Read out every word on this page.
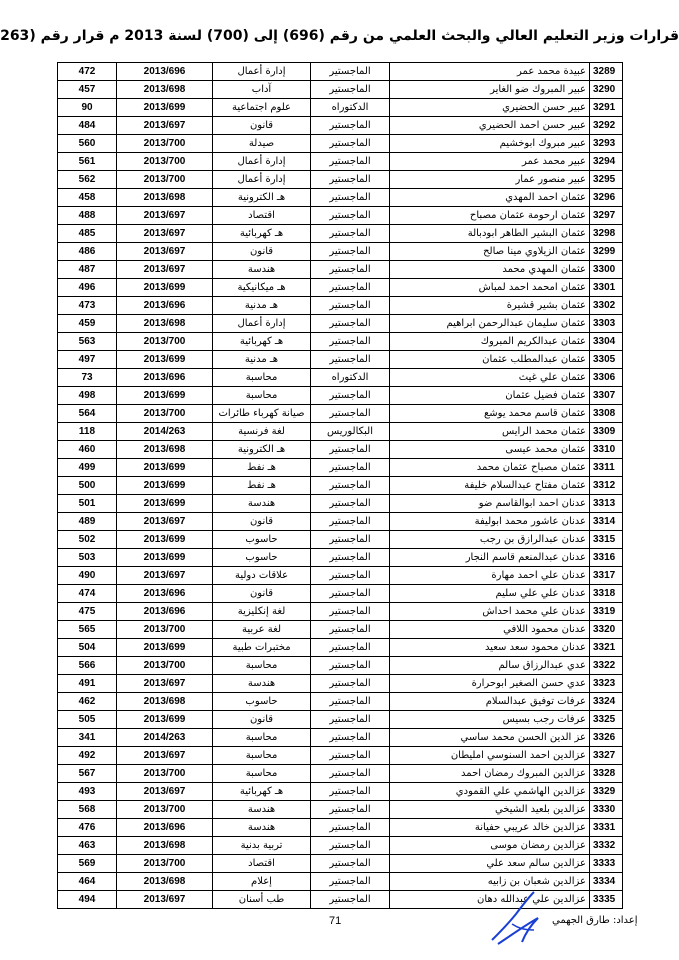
قرارات وزير التعليم العالي والبحث العلمي من رقم (696) إلى (700) لسنة 2013 م قرار رقم (263
472	2013/696	إدارة أعمال	الماجستير	عبيدة محمد عمر	3289
457	2013/698	آداب	الماجستير	عبير المبروك ضو الغاير	3290
90	2013/699	علوم اجتماعية	الدكتوراه	عبير حسن الحضيري	3291
484	2013/697	قانون	الماجستير	عبير حسن احمد الحضيري	3292
560	2013/700	صيدلة	الماجستير	عبير مبروك ابوخشيم	3293
561	2013/700	إدارة أعمال	الماجستير	عبير محمد عمر	3294
562	2013/700	إدارة أعمال	الماجستير	عبير منصور عمار	3295
458	2013/698	هـ الكترونية	الماجستير	عثمان احمد المهدي	3296
488	2013/697	اقتصاد	الماجستير	عثمان ارحومة عثمان مصباح	3297
485	2013/697	هـ كهربائية	الماجستير	عثمان البشير الطاهر ابودبالة	3298
486	2013/697	قانون	الماجستير	عثمان الزيلاوي مينا صالح	3299
487	2013/697	هندسة	الماجستير	عثمان المهدي محمد	3300
496	2013/699	هـ ميكانيكية	الماجستير	عثمان امحمد احمد لمباش	3301
473	2013/696	هـ مدنية	الماجستير	عثمان بشير قشيرة	3302
459	2013/698	إدارة أعمال	الماجستير	عثمان سليمان عبدالرحمن ابراهيم	3303
563	2013/700	هـ كهربائية	الماجستير	عثمان عبدالكريم المبروك	3304
497	2013/699	هـ مدنية	الماجستير	عثمان عبدالمطلب عثمان	3305
73	2013/696	محاسبة	الدكتوراه	عثمان علي غيث	3306
498	2013/699	محاسبة	الماجستير	عثمان فضيل عثمان	3307
564	2013/700	صيانة كهرباء طائرات	الماجستير	عثمان قاسم محمد يوشع	3308
118	2014/263	لغة فرنسية	البكالوريس	عثمان محمد الرايس	3309
460	2013/698	هـ الكترونية	الماجستير	عثمان محمد عيسى	3310
499	2013/699	هـ نفط	الماجستير	عثمان مصباح عثمان محمد	3311
500	2013/699	هـ نفط	الماجستير	عثمان مفتاح عبدالسلام خليفة	3312
501	2013/699	هندسة	الماجستير	عدنان احمد ابوالقاسم ضو	3313
489	2013/697	قانون	الماجستير	عدنان عاشور محمد ابوليفة	3314
502	2013/699	حاسوب	الماجستير	عدنان عبدالرازق بن رجب	3315
503	2013/699	حاسوب	الماجستير	عدنان عبدالمنعم قاسم النجار	3316
490	2013/697	علاقات دولية	الماجستير	عدنان علي احمد مهارة	3317
474	2013/696	قانون	الماجستير	عدنان علي علي سليم	3318
475	2013/696	لغة إنكليزية	الماجستير	عدنان علي محمد احداش	3319
565	2013/700	لغة عربية	الماجستير	عدنان محمود اللافي	3320
504	2013/699	مختبرات طبية	الماجستير	عدنان محمود سعد سعيد	3321
566	2013/700	محاسبة	الماجستير	عدي عبدالرزاق سالم	3322
491	2013/697	هندسة	الماجستير	عدي حسن الصغير ابوحرارة	3323
462	2013/698	حاسوب	الماجستير	عرفات توفيق عبدالسلام	3324
505	2013/699	قانون	الماجستير	عرفات رجب بسيس	3325
341	2014/263	محاسبة	الماجستير	عز الدين الحسن محمد ساسي	3326
492	2013/697	محاسبة	الماجستير	عزالدين احمد السنوسي امليطان	3327
567	2013/700	محاسبة	الماجستير	عزالدين المبروك رمضان احمد	3328
493	2013/697	هـ كهربائية	الماجستير	عزالدين الهاشمي علي القمودي	3329
568	2013/700	هندسة	الماجستير	عزالدين بلعيد الشيخي	3330
476	2013/696	هندسة	الماجستير	عزالدين خالد عريبي حفيانة	3331
463	2013/698	تربية بدنية	الماجستير	عزالدين رمضان موسى	3332
569	2013/700	اقتصاد	الماجستير	عزالدين سالم سعد علي	3333
464	2013/698	إعلام	الماجستير	عزالدين شعبان بن زابيه	3334
494	2013/697	طب أسنان	الماجستير	عزالدين علي عبدالله دهان	3335
71	إعداد: طارق الجهمي
